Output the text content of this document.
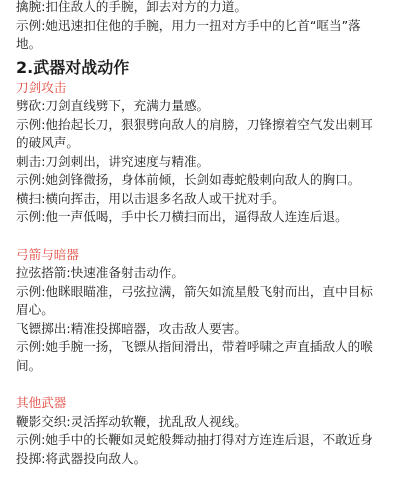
擒腕:扣住敌人的手腕，卸去对方的力道。

示例:她迅速扣住他的手腕，用力一扭对方手中的匕首“哐当”落

地。

2.武器对战动作

刀剑攻击

劈砍:刀剑直线劈下，充满力量感。

示例:他抬起长刀，狠狠劈向敌人的肩膀，刀锋擦着空气发出刺耳

的破风声。

刺击:刀剑刺出，讲究速度与精准。

示例:她剑锋微扬，身体前倾，长剑如毒蛇般刺向敌人的胸口。

横扫:横向挥击，用以击退多名敌人或干扰对手。

示例:他一声低喝，手中长刀横扫而出，逼得敌人连连后退。

弓箭与暗器

拉弦搭箭:快速准备射击动作。

示例:他眯眼瞄准，弓弦拉满，箭矢如流星般飞射而出，直中目标

眉心。

飞镖掷出:精准投掷暗器，攻击敌人要害。

示例:她手腕一扬，飞镖从指间滑出，带着呼啸之声直插敌人的喉

间。

其他武器

鞭影交织:灵活挥动软鞭，扰乱敌人视线。

示例:她手中的长鞭如灵蛇般舞动抽打得对方连连后退，不敢近身

投掷:将武器投向敌人。
